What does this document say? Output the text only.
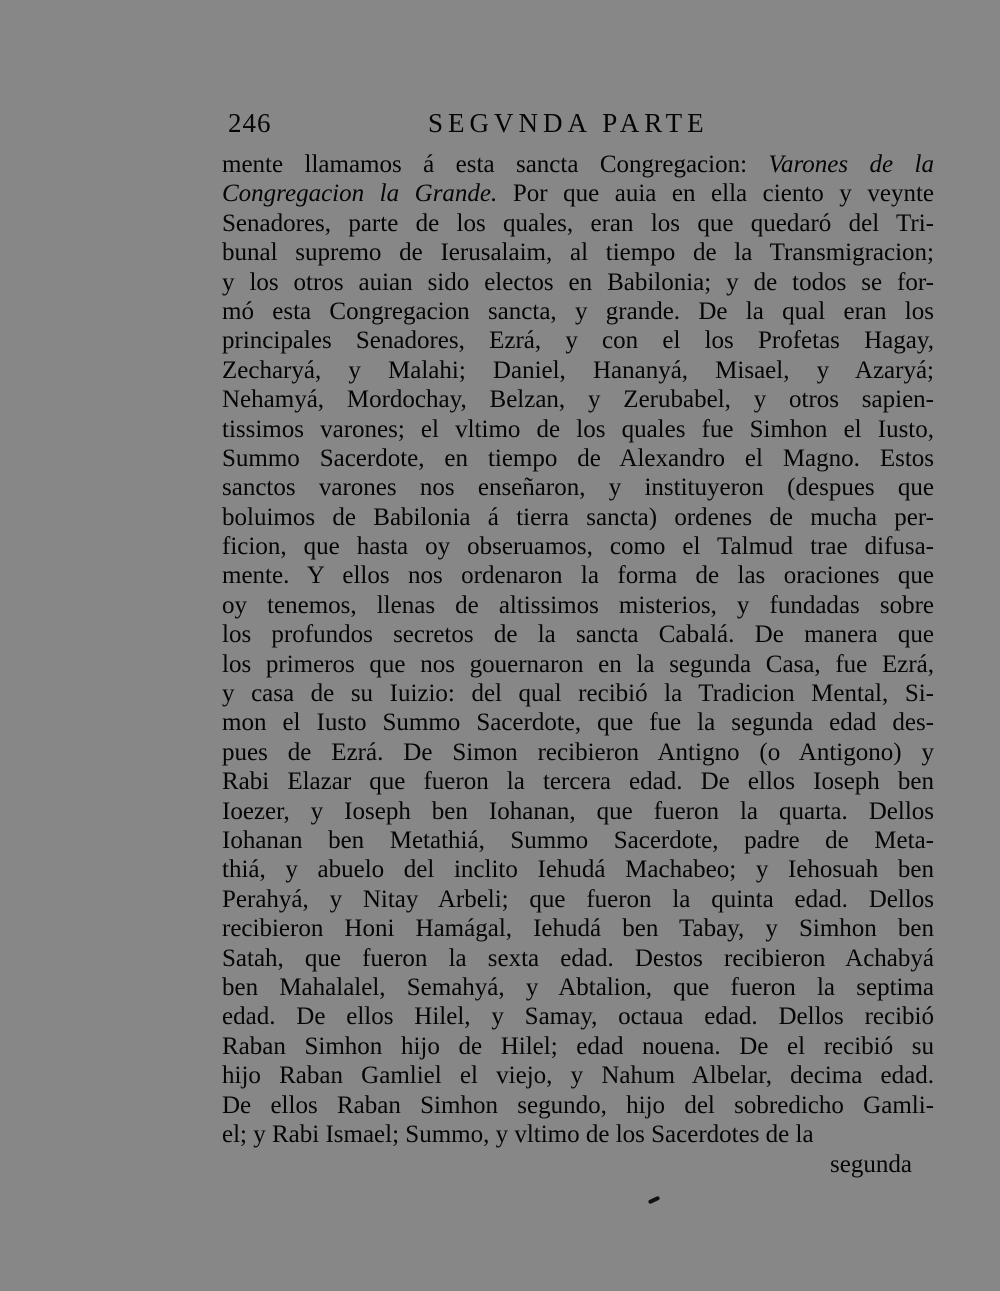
246	SEGVNDA PARTE
mente llamamos á esta sancta Congregacion: Varones de la
Congregacion la Grande. Por que auia en ella ciento y veynte
Senadores, parte de los quales, eran los que quedaró del Tri-
bunal supremo de Ierusalaim, al tiempo de la Transmigracion;
y los otros auian sido electos en Babilonia; y de todos se for-
mó esta Congregacion sancta, y grande. De la qual eran los
principales Senadores, Ezrá, y con el los Profetas Hagay,
Zecharyá, y Malahi; Daniel, Hananyá, Misael, y Azaryá;
Nehamyá, Mordochay, Belzan, y Zerubabel, y otros sapien-
tissimos varones; el vltimo de los quales fue Simhon el Iusto,
Summo Sacerdote, en tiempo de Alexandro el Magno. Estos
sanctos varones nos enseñaron, y instituyeron (despues que
boluimos de Babilonia á tierra sancta) ordenes de mucha per-
ficion, que hasta oy obseruamos, como el Talmud trae difusa-
mente. Y ellos nos ordenaron la forma de las oraciones que
oy tenemos, llenas de altissimos misterios, y fundadas sobre
los profundos secretos de la sancta Cabalá. De manera que
los primeros que nos gouernaron en la segunda Casa, fue Ezrá,
y casa de su Iuizio: del qual recibió la Tradicion Mental, Si-
mon el Iusto Summo Sacerdote, que fue la segunda edad des-
pues de Ezrá. De Simon recibieron Antigno (o Antigono) y
Rabi Elazar que fueron la tercera edad. De ellos Ioseph ben
Ioezer, y Ioseph ben Iohanan, que fueron la quarta. Dellos
Iohanan ben Metathiá, Summo Sacerdote, padre de Meta-
thiá, y abuelo del inclito Iehudá Machabeo; y Iehosuah ben
Perahyá, y Nitay Arbeli; que fueron la quinta edad. Dellos
recibieron Honi Hamágal, Iehudá ben Tabay, y Simhon ben
Satah, que fueron la sexta edad. Destos recibieron Achabyá
ben Mahalalel, Semahyá, y Abtalion, que fueron la septima
edad. De ellos Hilel, y Samay, octaua edad. Dellos recibió
Raban Simhon hijo de Hilel; edad nouena. De el recibió su
hijo Raban Gamliel el viejo, y Nahum Albelar, decima edad.
De ellos Raban Simhon segundo, hijo del sobredicho Gamli-
el; y Rabi Ismael; Summo, y vltimo de los Sacerdotes de la
segunda
